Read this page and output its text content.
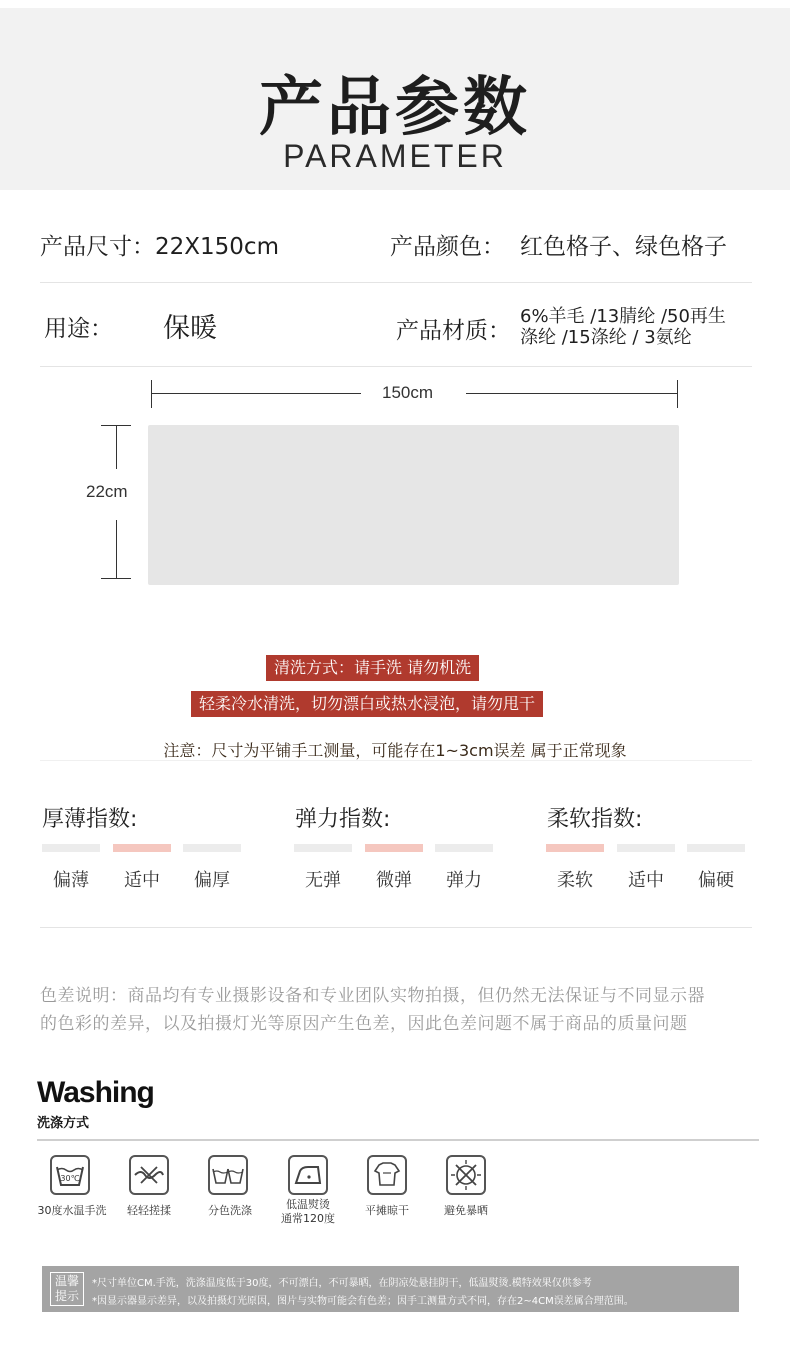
产品参数
PARAMETER
产品尺寸：22X150cm	产品颜色： 红色格子、绿色格子
用途： 保暖	产品材质：
6%羊毛 /13腈纶 /50再生
涤纶 /15涤纶 / 3氨纶
150cm
22cm
清洗方式：请手洗 请勿机洗
轻柔冷水清洗，切勿漂白或热水浸泡，请勿甩干
注意：尺寸为平铺手工测量，可能存在1~3cm误差 属于正常现象
厚薄指数:
偏薄	适中	偏厚
弹力指数:
无弹	微弹	弹力
柔软指数:
柔软	适中	偏硬
色差说明：商品均有专业摄影设备和专业团队实物拍摄，但仍然无法保证与不同显示器
的色彩的差异，以及拍摄灯光等原因产生色差，因此色差问题不属于商品的质量问题
Washing
洗涤方式
30℃
30度水温手洗	轻轻搓揉	分色洗涤	低温熨烫
通常120度
平摊晾干	避免暴晒
温馨
提示
*尺寸单位CM.手洗，洗涤温度低于30度，不可漂白，不可暴晒，在阴凉处悬挂阴干，低温熨烫.模特效果仅供参考
*因显示器显示差异，以及拍摄灯光原因，图片与实物可能会有色差；因手工测量方式不同，存在2~4CM误差属合理范围。
